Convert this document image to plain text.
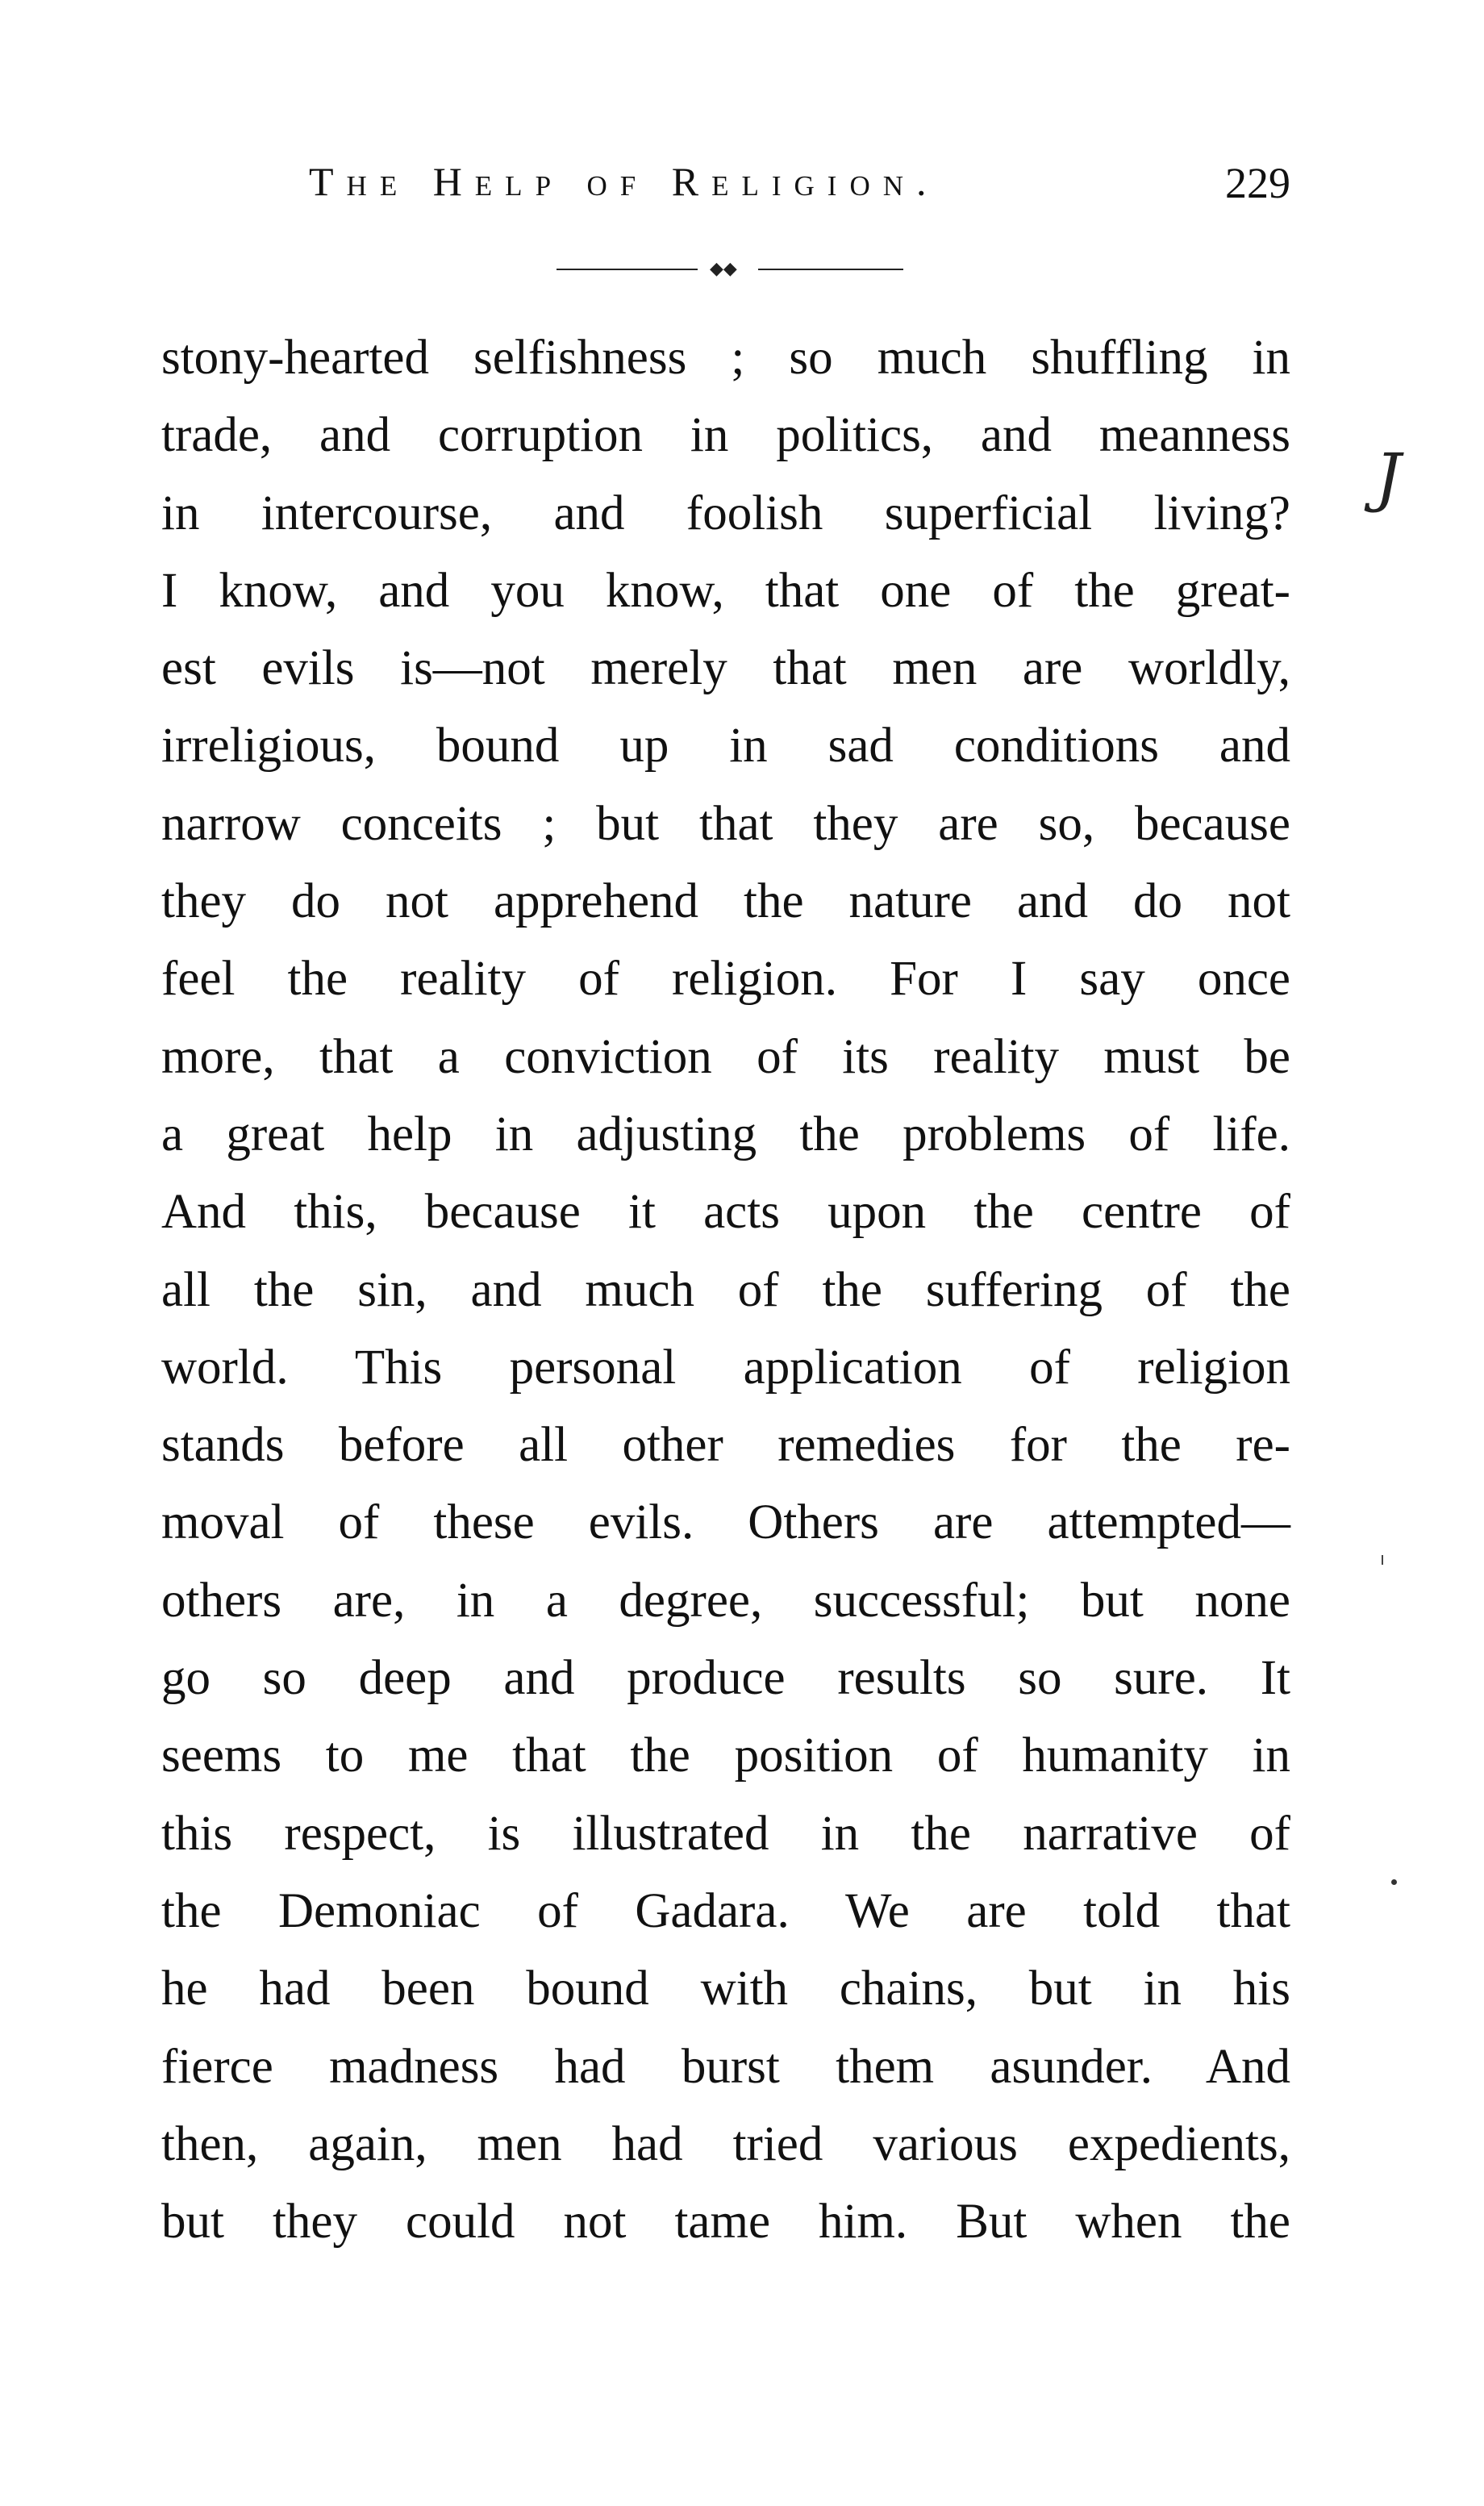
The Help of Religion.	229
◆◆
stony-hearted selfishness ; so much shuffling in
trade, and corruption in politics, and meanness
in intercourse, and foolish superficial living?
I know, and you know, that one of the great-
est evils is—not merely that men are worldly,
irreligious, bound up in sad conditions and
narrow conceits ; but that they are so, because
they do not apprehend the nature and do not
feel the reality of religion. For I say once
more, that a conviction of its reality must be
a great help in adjusting the problems of life.
And this, because it acts upon the centre of
all the sin, and much of the suffering of the
world. This personal application of religion
stands before all other remedies for the re-
moval of these evils. Others are attempted—
others are, in a degree, successful; but none
go so deep and produce results so sure. It
seems to me that the position of humanity in
this respect, is illustrated in the narrative of
the Demoniac of Gadara. We are told that
he had been bound with chains, but in his
fierce madness had burst them asunder. And
then, again, men had tried various expedients,
but they could not tame him. But when the
J
